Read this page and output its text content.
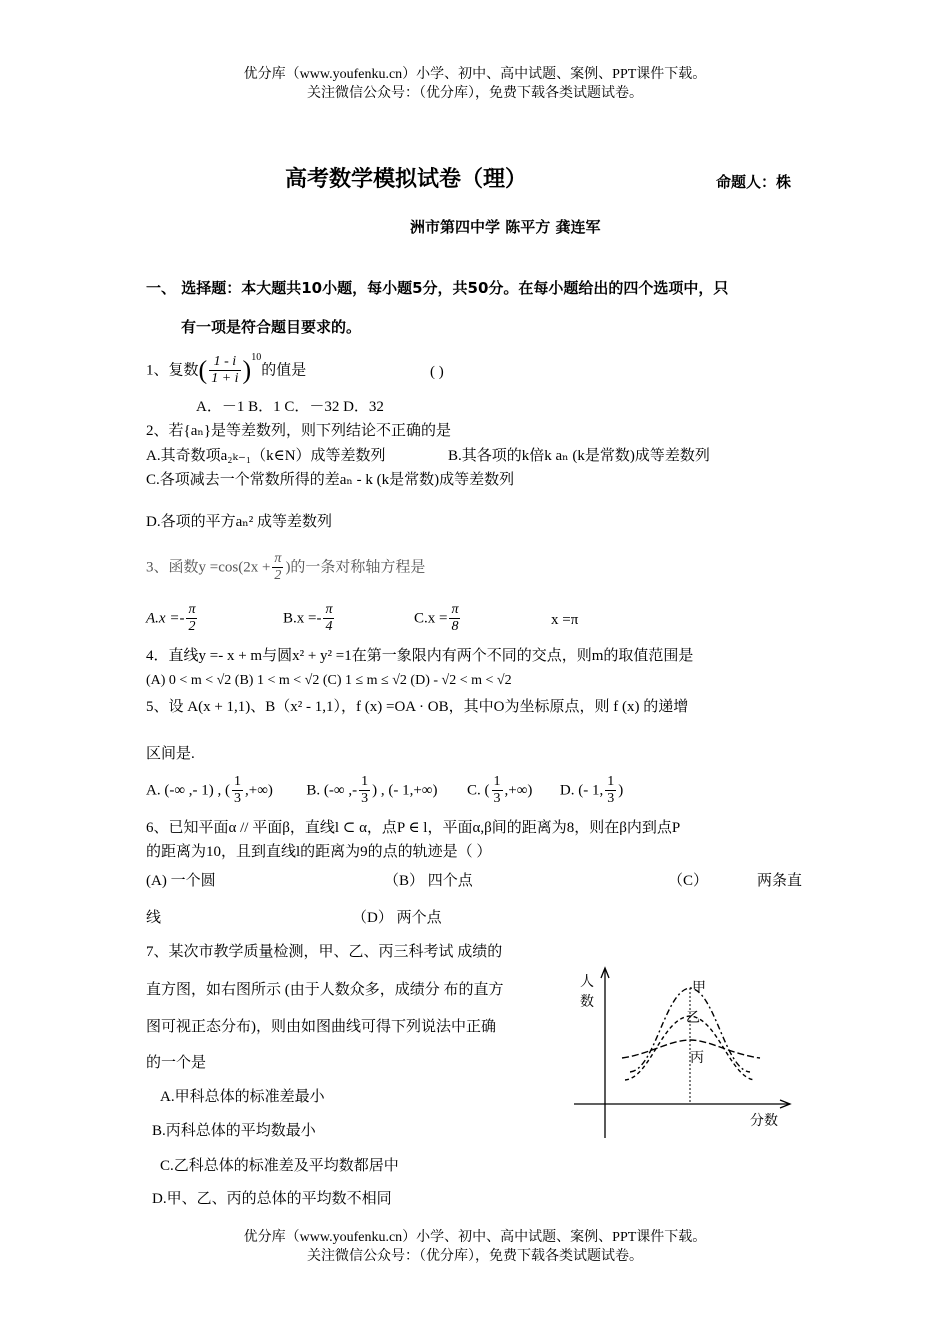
优分库（www.youfenku.cn）小学、初中、高中试题、案例、PPT课件下载。
关注微信公众号：（优分库），免费下载各类试题试卷。
高考数学模拟试卷（理）	命题人：株
洲市第四中学 陈平方 龚连军
一、 选择题：本大题共10小题，每小题5分，共50分。在每小题给出的四个选项中，只
有一项是符合题目要求的。
1、复数( $\frac{1 - i}{1 + i} )^{10}$的值是	( )
A．－1 B．1 C．－32 D．32
2、若{aₙ}是等差数列，则下列结论不正确的是
A.其奇数项a₂ₖ₋₁（k∈N）成等差数列	B.其各项的k倍k aₙ (k是常数)成等差数列
C.各项减去一个常数所得的差aₙ - k (k是常数)成等差数列
D.各项的平方aₙ² 成等差数列
3、函数$y =\cos(2x + \frac{\pi}{2}$ )的一条对称轴方程是
$A.x =- \frac{\pi}{2}$	$B.x =- \frac{\pi}{4}$	$C.x = \frac{\pi}{8}$	x =π
4．直线y =- x + m与圆x² + y² =1在第一象限内有两个不同的交点，则m的取值范围是
(A) 0 < m < √2 (B) 1 < m < √2 (C) 1 ≤ m ≤ √2 (D) - √2 < m < √2
5、设 A(x + 1,1)、B（x² - 1,1），f (x) =OA · OB，其中O为坐标原点，则 f (x) 的递增
区间是.
A. (-∞ ,- 1) , ( $\frac{1}{3}$ ,+∞) B. (-∞ ,- $\frac{1}{3}$ ) , (- 1,+∞) C. ( $\frac{1}{3}$ ,+∞) D. (- 1, $\frac{1}{3}$ )
6、已知平面α // 平面β，直线l ⊂ α，点P ∈ l，平面α,β间的距离为8，则在β内到点P
的距离为10，且到直线l的距离为9的点的轨迹是（ ）
(A) 一个圆	（B） 四个点	（C）	两条直
线	（D） 两个点
7、某次市教学质量检测，甲、乙、丙三科考试 成绩的
直方图，如右图所示 (由于人数众多，成绩分 布的直方
图可视正态分布)，则由如图曲线可得下列说法中正确
的一个是
A.甲科总体的标准差最小
B.丙科总体的平均数最小
C.乙科总体的标准差及平均数都居中
D.甲、乙、丙的总体的平均数不相同
人
数
分数
甲
乙
丙
优分库（www.youfenku.cn）小学、初中、高中试题、案例、PPT课件下载。
关注微信公众号：（优分库），免费下载各类试题试卷。
